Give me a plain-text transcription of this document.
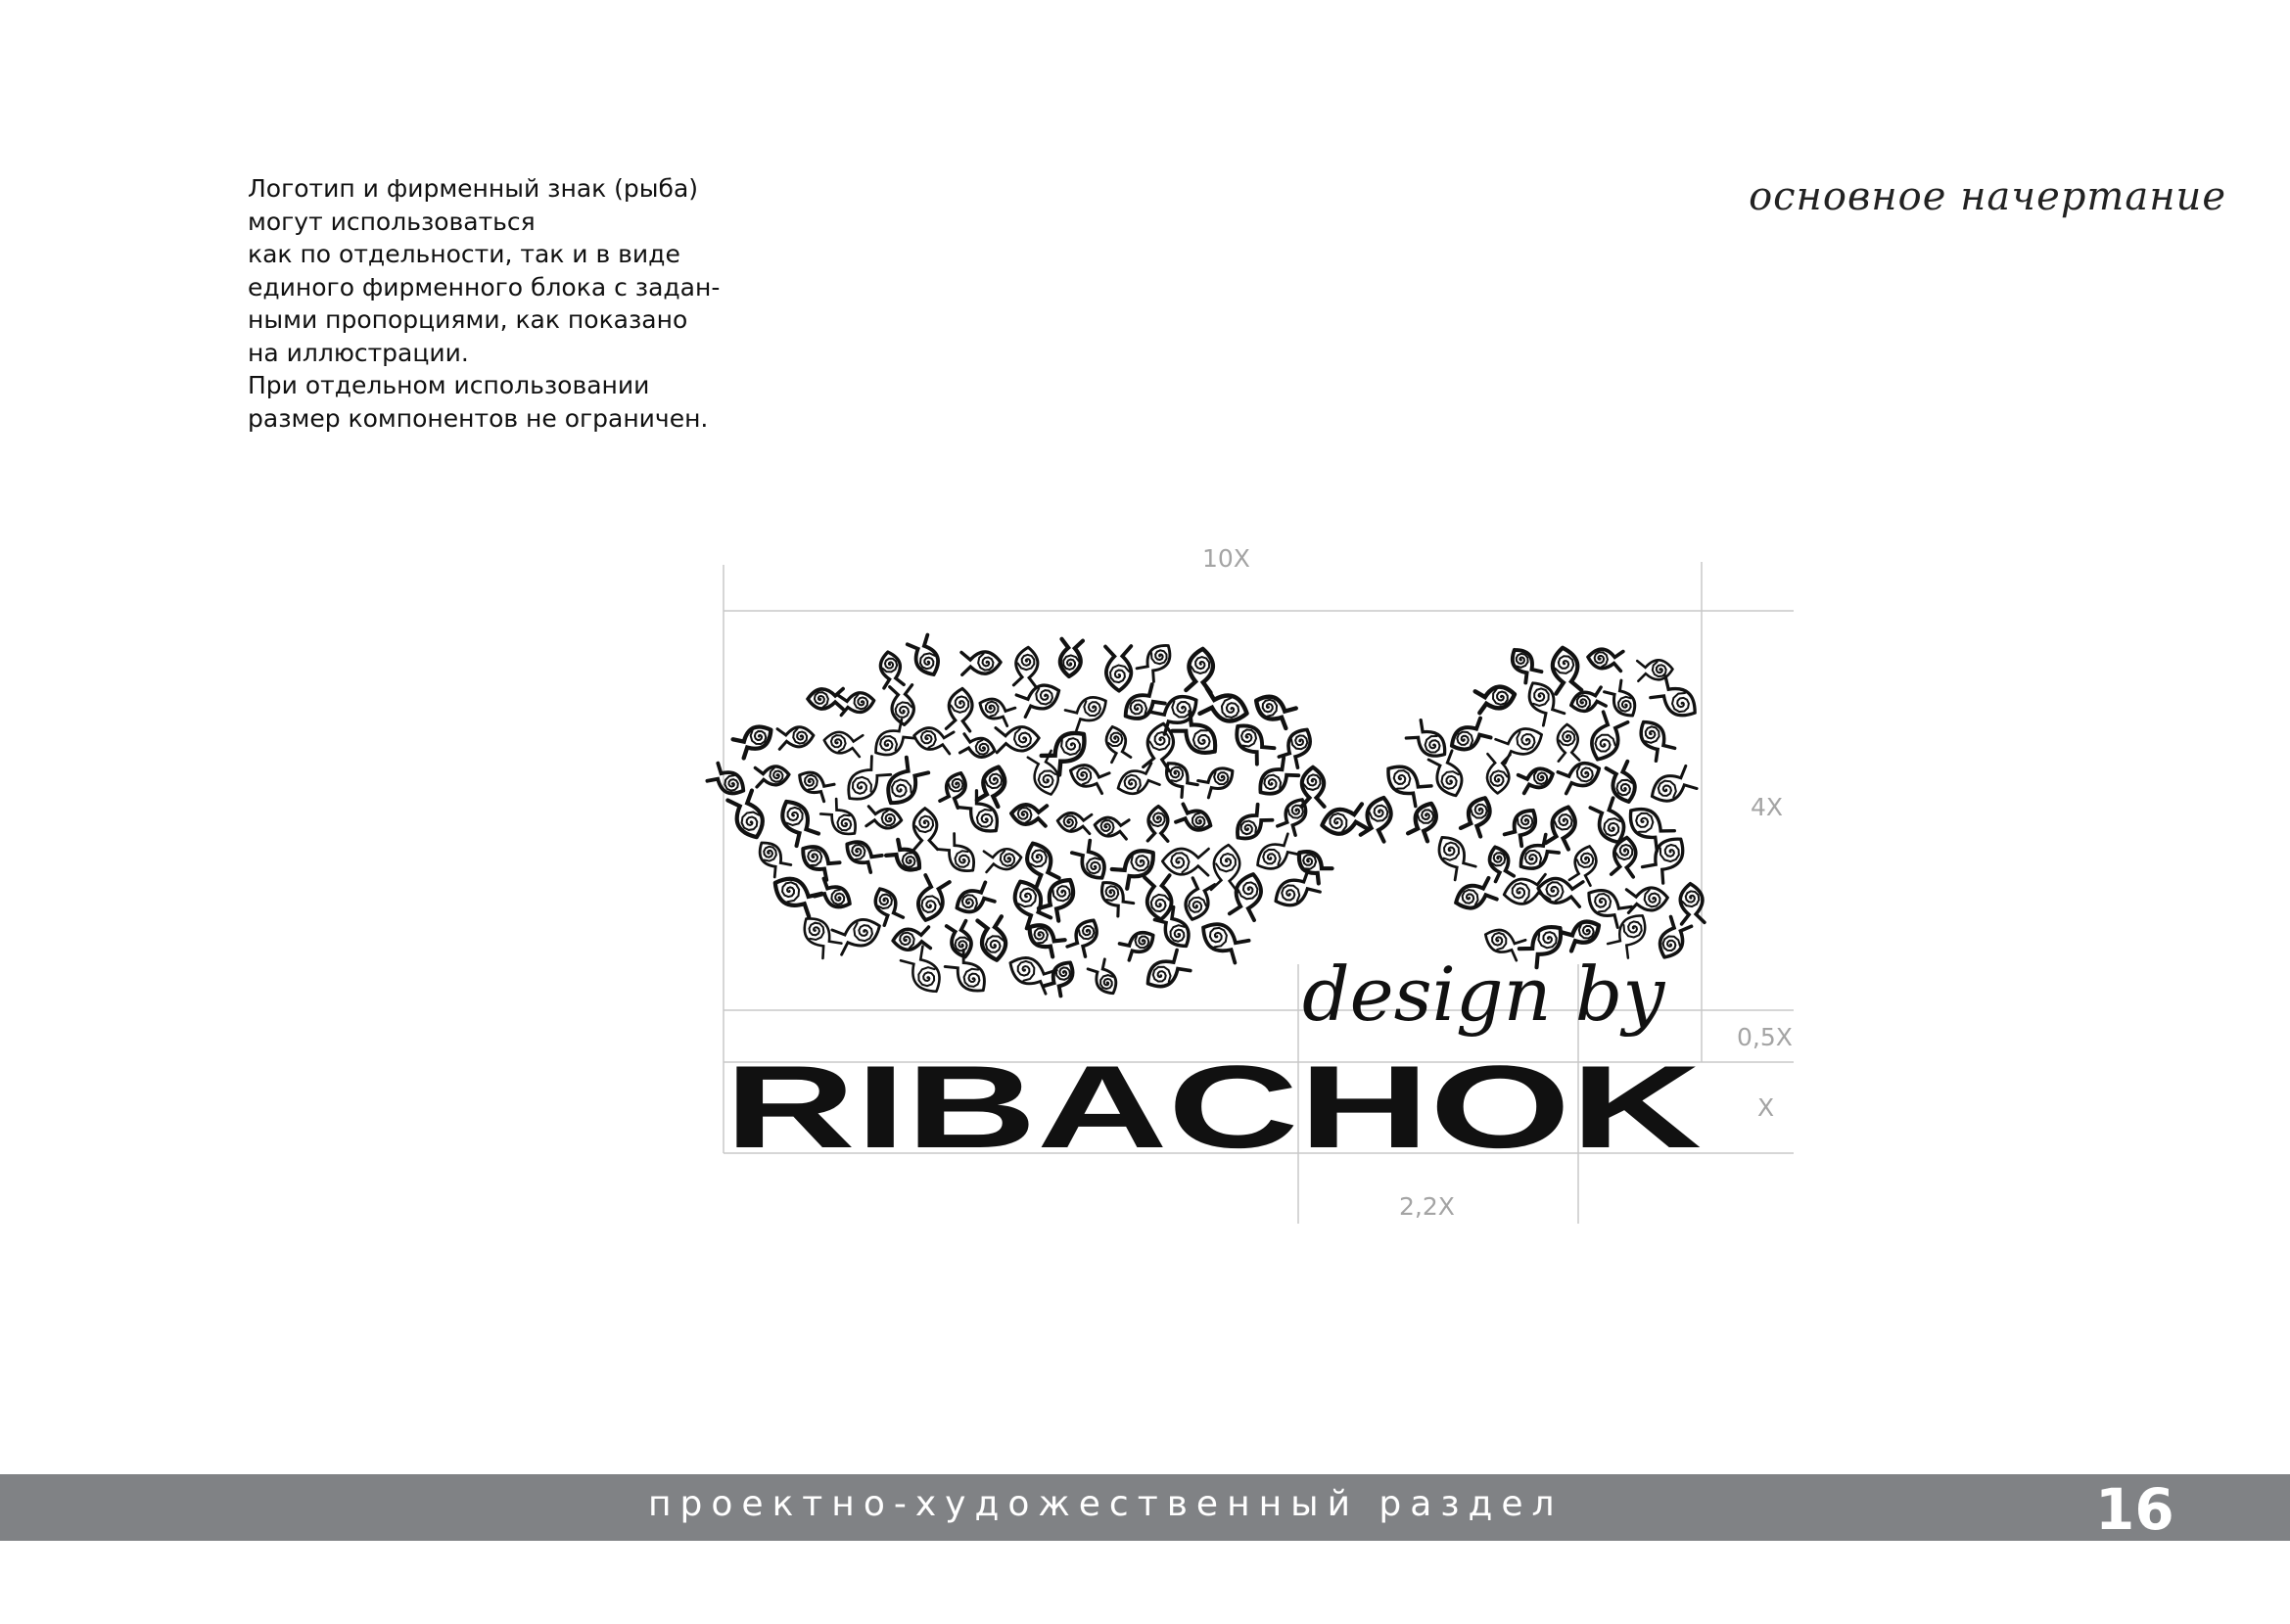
Логотип и фирменный знак (рыба)
могут использоваться
как по отдельности, так и в виде
единого фирменного блока с задан-
ными пропорциями, как показано
на иллюстрации.
При отдельном использовании
размер компонентов не ограничен.
основное начертание
design by
RIBACHOK
10X
4X
0,5X
X
2,2X
проектно-художественный раздел	16
